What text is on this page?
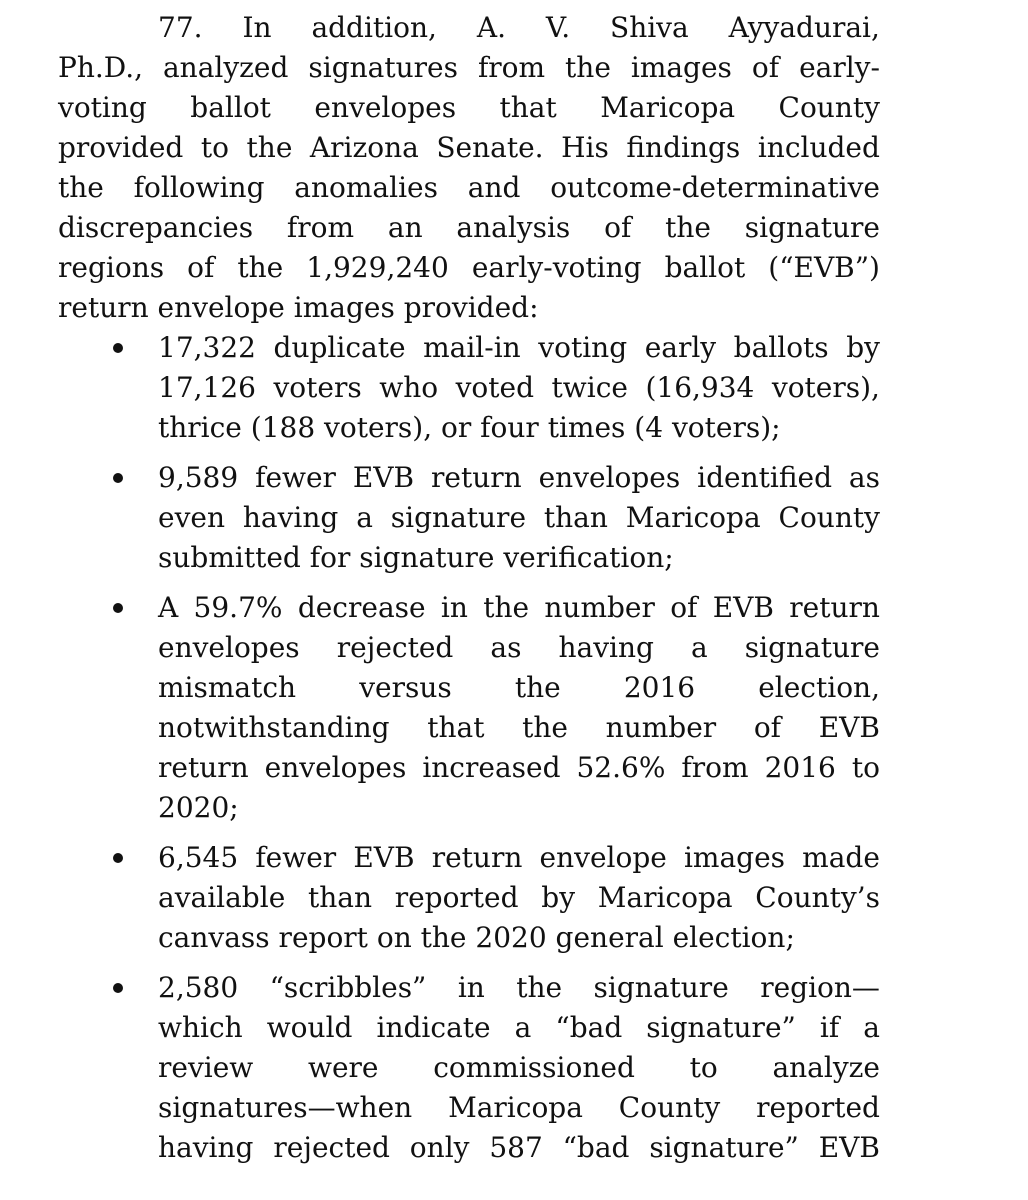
77. In addition, A. V. Shiva Ayyadurai,
Ph.D., analyzed signatures from the images of early-
voting ballot envelopes that Maricopa County
provided to the Arizona Senate. His findings included
the following anomalies and outcome-determinative
discrepancies from an analysis of the signature
regions of the 1,929,240 early-voting ballot (“EVB”)
return envelope images provided:
17,322 duplicate mail-in voting early ballots by
17,126 voters who voted twice (16,934 voters),
thrice (188 voters), or four times (4 voters);
9,589 fewer EVB return envelopes identified as
even having a signature than Maricopa County
submitted for signature verification;
A 59.7% decrease in the number of EVB return
envelopes rejected as having a signature
mismatch versus the 2016 election,
notwithstanding that the number of EVB
return envelopes increased 52.6% from 2016 to
2020;
6,545 fewer EVB return envelope images made
available than reported by Maricopa County’s
canvass report on the 2020 general election;
2,580 “scribbles” in the signature region—
which would indicate a “bad signature” if a
review were commissioned to analyze
signatures—when Maricopa County reported
having rejected only 587 “bad signature” EVB
